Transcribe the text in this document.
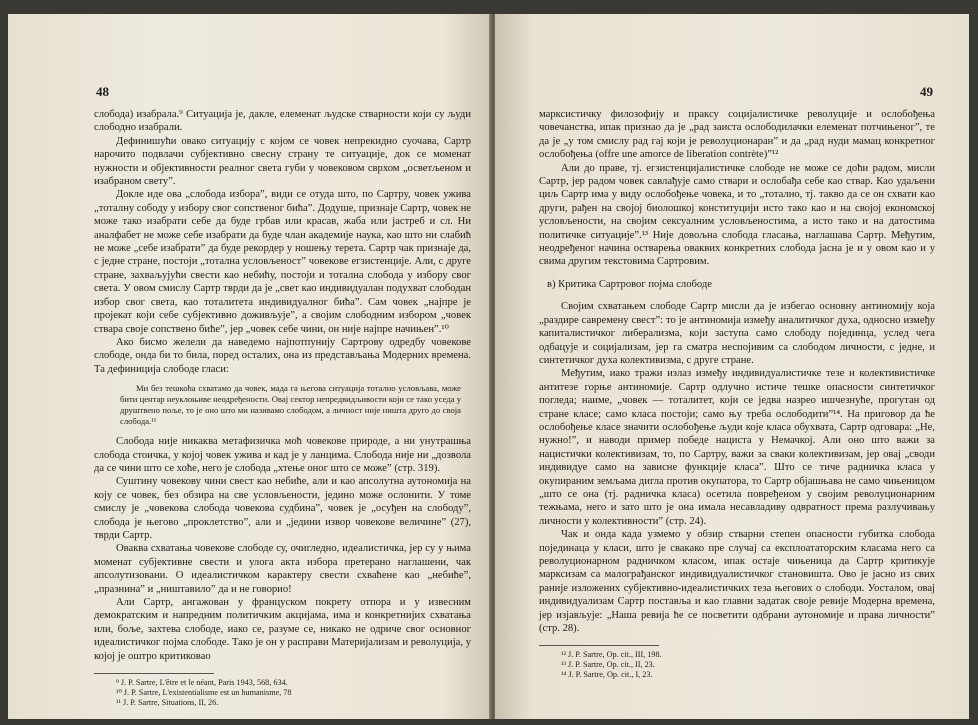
48

слобода) изабрала.⁹ Ситуација је, дакле, елеменат људске стварности који су људи слободно изабрали.

Дефинишући овако ситуацију с којом се човек непрекидно суочава, Сартр нарочито подвлачи субјективно свесну страну те ситуације, док се моменат нужности и објективности реалног света губи у човековом сврхом „осветљеном и изабраном свету”.

Докле иде ова „слобода избора”, види се отуда што, по Сартру, човек ужива „тоталну сободу у избору свог сопственог бића”. Додуше, признаје Сартр, човек не може тако изабрати себе да буде грбав или красав, жаба или јастреб и сл. Ни аналфабет не може себе изабрати да буде члан академије наука, као што ни слабић не може „себе изабрати” да буде рекордер у ношењу терета. Сартр чак признаје да, с једне стране, постоји „тотална условљеност” човекове егзистенције. Али, с друге стране, захваљујући свести као небићу, постоји и тотална слобода у избору свог света. У овом смислу Сартр тврди да је „свет као индивидуалан подухват слободан избор свог света, као тоталитета индивидуалног бића”. Сам човек „најпре је пројекат који себе субјективно доживљује”, а својим слободним избором „човек ствара своје сопствено биће”, јер „човек себе чини, он није најпре начињен”.¹⁰

Ако бисмо желели да наведемо најпотпунију Сартрову одредбу човекове слободе, онда би то била, поред осталих, она из представљања Модерних времена. Та дефиниција слободе гласи:

Ми без тешкоћа схватамо да човек, мада га његова ситуација тотално условљава, може бити центар неуклоњиве неодређености. Овај сектор непредвидљивости који се тако уседа у друштвено поље, то је оно што ми називамо слободом, а личност није ништа друго до своја слобода.¹¹

Слобода није никаква метафизичка моћ човекове природе, а ни унутрашња слобода стоичка, у којој човек ужива и кад је у ланцима. Слобода није ни „дозвола да се чини што се хоће, него је слобода „хтење оног што се може” (стр. 319).

Суштину човекову чини свест као небиће, али и као апсолутна аутономија на коју се човек, без обзира на све условљености, једино може ослонити. У томе смислу је „човекова слобода човекова судбина”, човек је „осуђен на слободу”, слобода је његово „проклетство”, али и „једини извор човекове величине” (27), тврди Сартр.

Оваква схватања човекове слободе су, очигледно, идеалистичка, јер су у њима моменат субјективне свести и улога акта избора претерано наглашени, чак апсолутизовани. О идеалистичком карактеру свести схваћене као „небиће”, „празнина” и „ништавило” да и не говорио!

Али Сартр, ангажован у француском покрету отпора и у извесним демократским и напредним политичким акцијама, има и конкретнијих схватања или, боље, захтева слободе, иако се, разуме се, никако не одриче свог основног идеалистичког појма слободе. Тако је он у расправи Материјализам и револуција, у којој је оштро критиковао

⁹ J. P. Sartre, L'être et le néant, Paris 1943, 568, 634.
¹⁰ J. P. Sartre, L'existentialisme est un humanisme, 78
¹¹ J. P. Sartre, Situations, II, 26.
49

марксистичку филозофију и праксу социјалистичке револуције и ослобођења човечанства, ипак признао да је „рад заиста ослободилачки елеменат потчињеног”, те да је „у том смислу рад гај који је револуционаран” и да „рад нуди мамац конкретног ослобођења (offre une amorce de liberation contrète)”¹²

Али до праве, тј. егзистенцијалистичке слободе не може се доћи радом, мисли Сартр, јер радом човек савлађује само ствари и ослобађа себе као ствар. Као удаљени циљ Сартр има у виду ослобођење човека, и то „тотално, тј. такво да се он схвати као други, рађен на својој биолошкој конституцији исто тако као и на својој економској условљености, на својим сексуалним условљеностима, а исто тако и на датостима политичке ситуације”.¹³ Није довољна слобода гласања, наглашава Сартр. Међутим, неодређеног начина остварења оваквих конкретних слобода јасна је и у овом као и у свима другим текстовима Сартровим.

в) Критика Сартровог појма слободе

Својим схватањем слободе Сартр мисли да је избегао основну антиномију која „раздире савремену свест”: то је антиномија између аналитичког духа, односно између капиталистичког либерализма, који заступа само слободу појединца, услед чега одбацује и социјализам, јер га сматра неспојивим са слободом личности, с једне, и синтетичког духа колективизма, с друге стране.

Међутим, иако тражи излаз између индивидуалистичке тезе и колективистичке антитезе горње антиномије. Сартр одлучно истиче тешке опасности синтетичког погледа; наиме, „човек — тоталитет, који се једва назрео ишчезнуће, прогутан од стране класе; само класа постоји; само њу треба ослободити”¹⁴. На приговор да ће ослобођење класе значити ослобођење људи које класа обухвата, Сартр одговара: „Не, нужно!”, и наводи пример победе нациста у Немачкој. Али оно што важи за нацистички колективизам, то, по Сартру, важи за сваки колективизам, јер овај „своди индивидуе само на зависне функције класа”. Што се тиче радничка класа у окупираним земљама дигла против окупатора, то Сартр објашњава не само чињеницом „што се она (тј. радничка класа) осетила повређеном у својим револуционарним тежњама, него и зато што је она имала несавладиву одвратност према разлучивању личности у колективности” (стр. 24).

Чак и онда када узмемо у обзир стварни степен опасности губитка слобода појединаца у класи, што је свакако пре случај са експлоататорским класама него са револуционарном радничком класом, ипак остаје чињеница да Сартр критикује марксизам са малограђанског индивидуалистичког становишта. Ово је јасно из свих раније изложених субјективно-идеалистичких теза његових о слободи. Уосталом, овај индивидуализам Сартр поставља и као главни задатак своје ревије Модерна времена, јер изјављује: „Наша ревија ће се посветити одбрани аутономије и права личности” (стр. 28).

¹² J. P. Sartre, Op. cit., III, 198.
¹³ J. P. Sartre, Op. cit., II, 23.
¹⁴ J. P. Sartre, Op. cit., I, 23.
